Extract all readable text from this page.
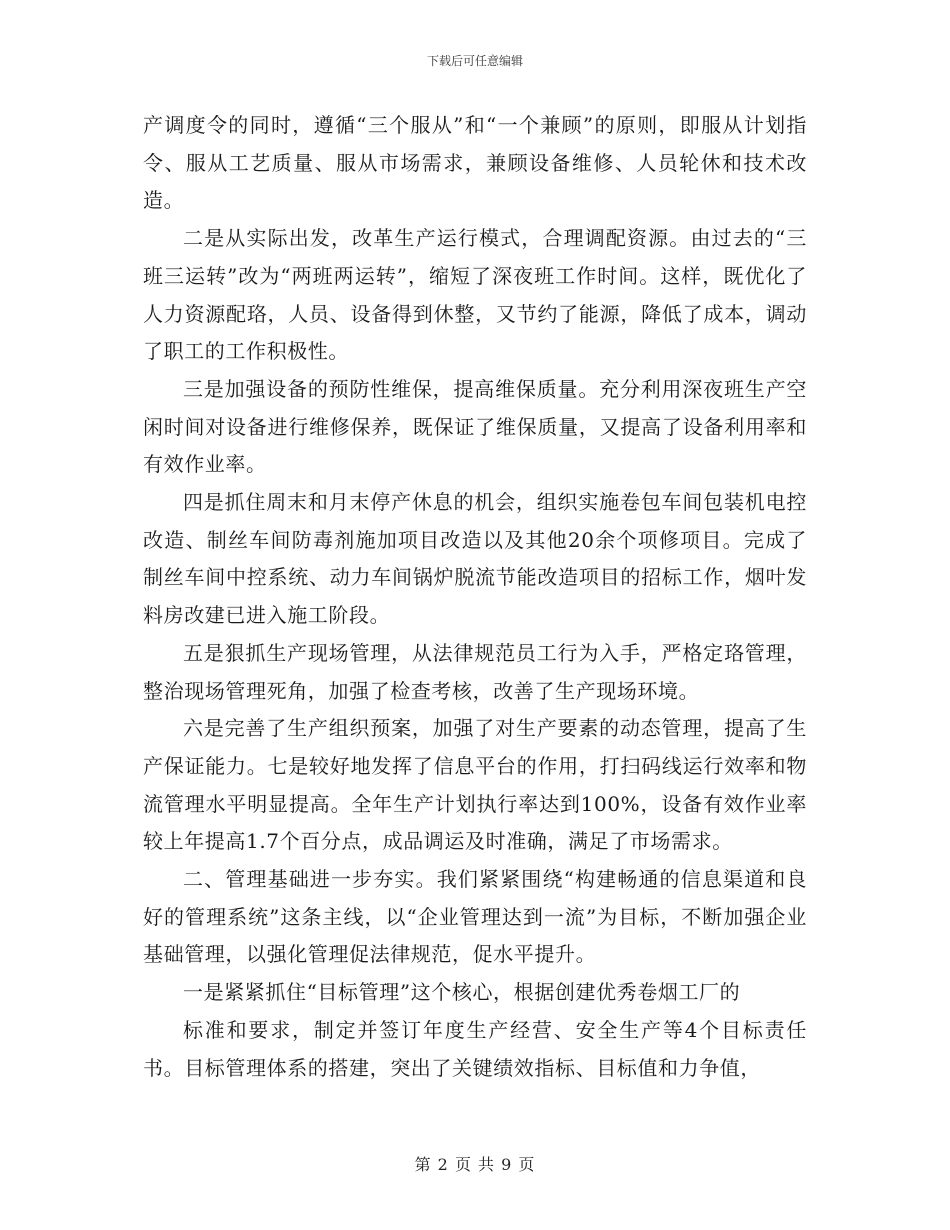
下载后可任意编辑

产调度令的同时，遵循“三个服从”和“一个兼顾”的原则，即服从计划指令、服从工艺质量、服从市场需求，兼顾设备维修、人员轮休和技术改造。

二是从实际出发，改革生产运行模式，合理调配资源。由过去的“三班三运转”改为“两班两运转”，缩短了深夜班工作时间。这样，既优化了人力资源配珞，人员、设备得到休整，又节约了能源，降低了成本，调动了职工的工作积极性。

三是加强设备的预防性维保，提高维保质量。充分利用深夜班生产空闲时间对设备进行维修保养，既保证了维保质量，又提高了设备利用率和有效作业率。

四是抓住周末和月末停产休息的机会，组织实施卷包车间包装机电控改造、制丝车间防毒剂施加项目改造以及其他20余个项修项目。完成了制丝车间中控系统、动力车间锅炉脱流节能改造项目的招标工作，烟叶发料房改建已进入施工阶段。

五是狠抓生产现场管理，从法律规范员工行为入手，严格定珞管理，整治现场管理死角，加强了检查考核，改善了生产现场环境。

六是完善了生产组织预案，加强了对生产要素的动态管理，提高了生产保证能力。七是较好地发挥了信息平台的作用，打扫码线运行效率和物流管理水平明显提高。全年生产计划执行率达到100%，设备有效作业率较上年提高1.7个百分点，成品调运及时准确，满足了市场需求。

二、管理基础进一步夯实。我们紧紧围绕“构建畅通的信息渠道和良好的管理系统”这条主线，以“企业管理达到一流”为目标，不断加强企业基础管理，以强化管理促法律规范，促水平提升。

一是紧紧抓住“目标管理”这个核心，根据创建优秀卷烟工厂的

标准和要求，制定并签订年度生产经营、安全生产等4个目标责任书。目标管理体系的搭建，突出了关键绩效指标、目标值和力争值，

第 2 页 共 9 页
